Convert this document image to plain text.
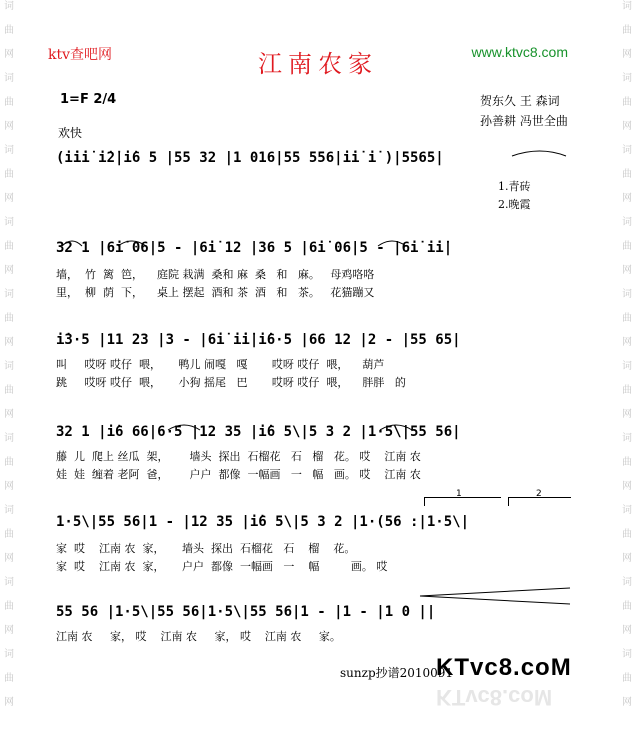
词
曲
网
词
曲
网
词
曲
网
词
曲
网
词
曲
网
词
曲
网
词
曲
网
词
曲
网
词
曲
网
词
曲
网
词
曲
网
词
曲
网
词
曲
网
词
曲
网
词
曲
网
词
曲
网
词
曲
网
词
曲
网
词
曲
网
词
曲
网
ktv查吧网	江南农家	www.ktvc8.com
1=F 2/4	贺东久 王 森词
孙善耕 冯世全曲
欢快
(i̇i̇i̇ i̇2̇|i̇6 5 |55 32 |1 016|55 556|i̇i̇ i̇ )|5565|
1.青砖
2.晚霞
32 1 |6i̇ 06|5 - |6i̇ 12 |36 5 |6i̇ 06|5 - |6i̇ i̇i̇|
墙，  竹  篱  笆，    庭院 栽满  桑和 麻  桑   和   麻。   母鸡咯咯
里，  柳  荫  下，    桌上 摆起  酒和 茶  酒   和   茶。   花猫蹦又
i̇3·5 |11 23 |3 - |6i̇ i̇i̇|i̇6·5 |66 12 |2 - |55 65|
叫     哎呀 哎仔  喂，     鸭儿 闹嘎   嘎       哎呀 哎仔  喂，    葫芦
跳     哎呀 哎仔  喂，     小狗 摇尾   巴       哎呀 哎仔  喂，    胖胖   的
32 1 |i̇6 66|6·5 |12 35 |i̇6 5\|5 3 2 |1·5\|55 56|
藤  儿  爬上 丝瓜  架，      墙头  探出  石榴花   石   榴   花。 哎    江南 农
娃  娃  缠着 老阿  爸，      户户  都像  一幅画   一   幅   画。 哎    江南 农
1	2
1·5\|55 56|1 - |12 35 |i̇6 5\|5 3 2 |1·(56 :|1·5\|
家  哎    江南 农  家，     墙头  探出  石榴花   石    榴    花。
家  哎    江南 农  家，     户户  都像  一幅画   一    幅         画。 哎
55 56 |1·5\|55 56|1·5\|55 56|1 - |1 - |1 0 ||
江南 农     家， 哎    江南 农     家， 哎    江南 农     家。
sunzp抄谱2010091
KTvc8.coM
KTvc8.coM
